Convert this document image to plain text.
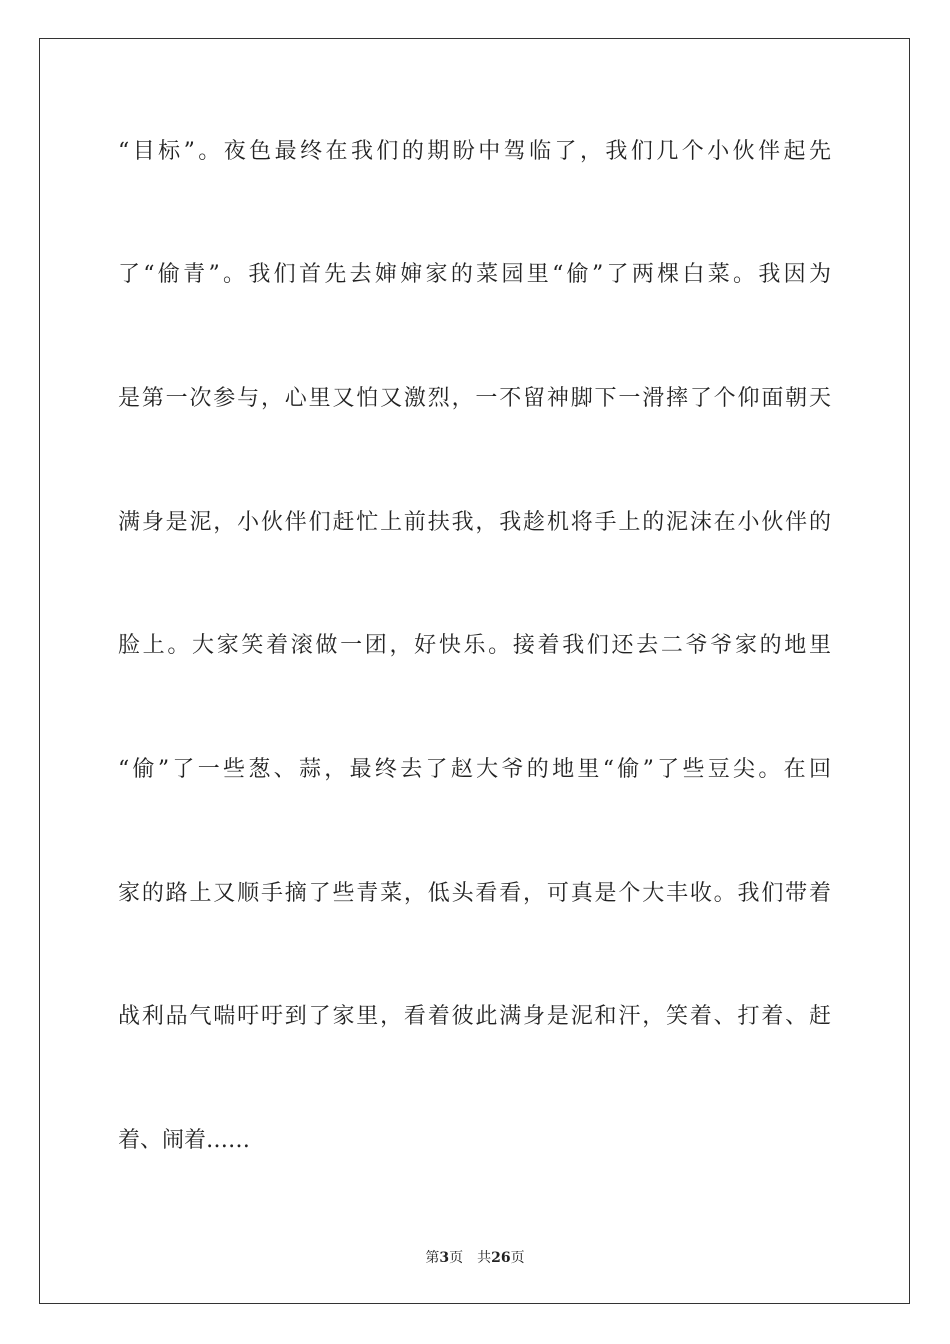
“目标”。夜色最终在我们的期盼中驾临了，我们几个小伙伴起先
了“偷青”。我们首先去婶婶家的菜园里“偷”了两棵白菜。我因为
是第一次参与，心里又怕又激烈，一不留神脚下一滑摔了个仰面朝天
满身是泥，小伙伴们赶忙上前扶我，我趁机将手上的泥沫在小伙伴的
脸上。大家笑着滚做一团，好快乐。接着我们还去二爷爷家的地里
“偷”了一些葱、蒜，最终去了赵大爷的地里“偷”了些豆尖。在回
家的路上又顺手摘了些青菜，低头看看，可真是个大丰收。我们带着
战利品气喘吁吁到了家里，看着彼此满身是泥和汗，笑着、打着、赶
着、闹着……
第3页 共26页
